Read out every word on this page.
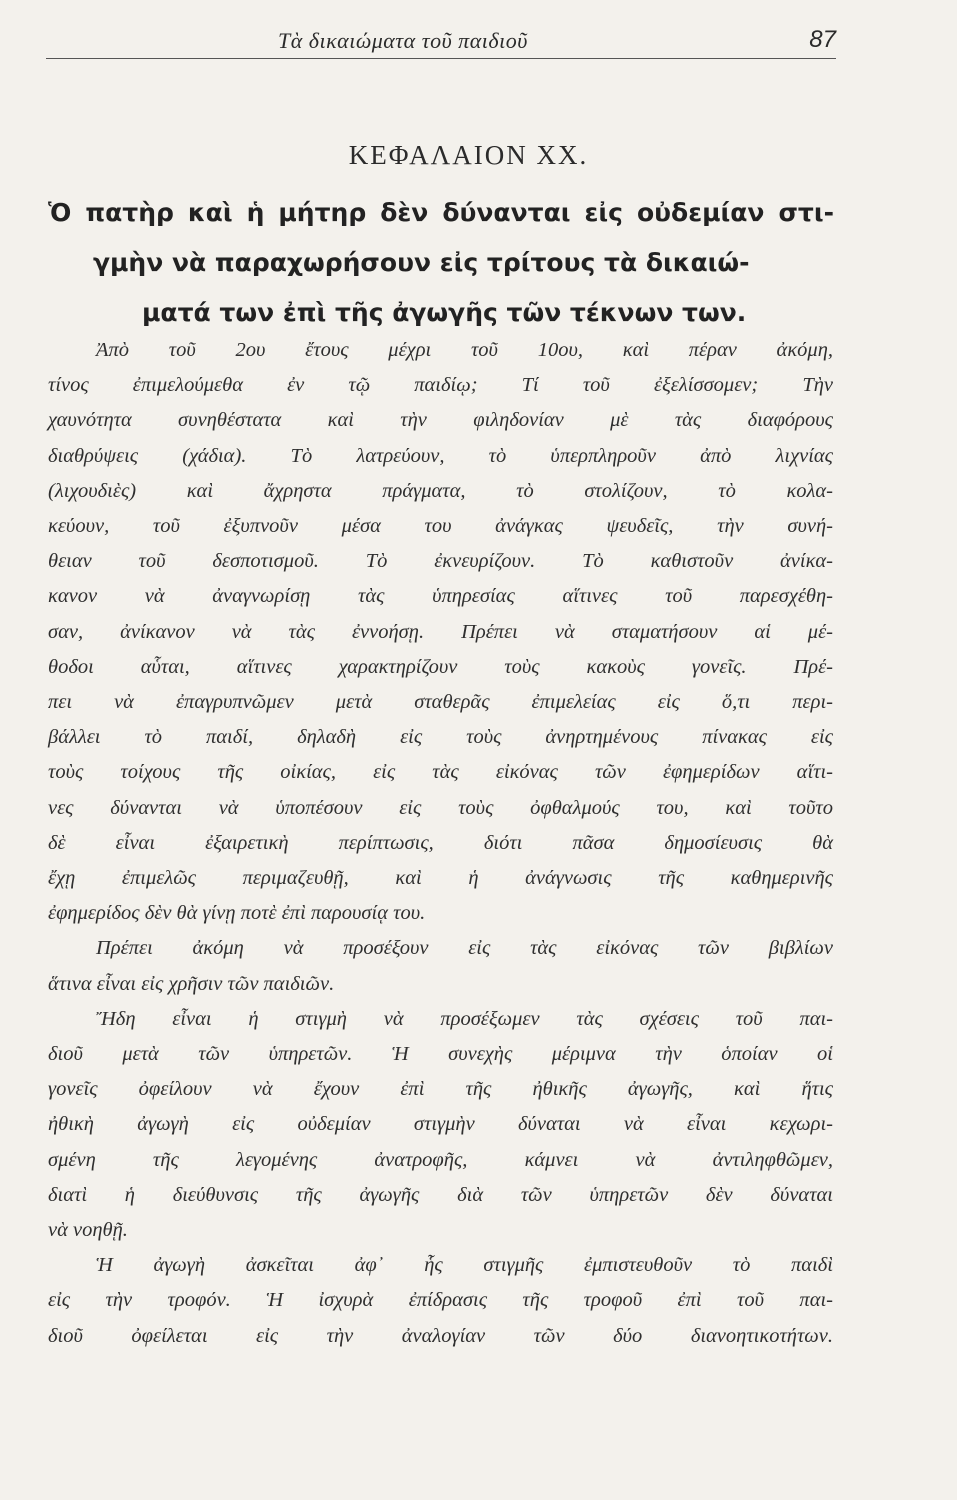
Τὰ δικαιώματα τοῦ παιδιοῦ	87
ΚΕΦΑΛΑΙΟΝ ΧΧ.
Ὁ πατὴρ καὶ ἡ μήτηρ δὲν δύνανται εἰς οὐδεμίαν στι-
γμὴν νὰ παραχωρήσουν εἰς τρίτους τὰ δικαιώ-
ματά των ἐπὶ τῆς ἀγωγῆς τῶν τέκνων των.
Ἀπὸ τοῦ 2ου ἔτους μέχρι τοῦ 10ου, καὶ πέραν ἀκόμη,
τίνος ἐπιμελούμεθα ἐν τῷ παιδίῳ; Τί τοῦ ἐξελίσσομεν; Τὴν
χαυνότητα συνηθέστατα καὶ τὴν φιληδονίαν μὲ τὰς διαφόρους
διαθρύψεις (χάδια). Τὸ λατρεύουν, τὸ ὑπερπληροῦν ἀπὸ λιχνίας
(λιχουδιὲς) καὶ ἄχρηστα πράγματα, τὸ στολίζουν, τὸ κολα-
κεύουν, τοῦ ἐξυπνοῦν μέσα του ἀνάγκας ψευδεῖς, τὴν συνή-
θειαν τοῦ δεσποτισμοῦ. Τὸ ἐκνευρίζουν. Τὸ καθιστοῦν ἀνίκα-
κανον νὰ ἀναγνωρίσῃ τὰς ὑπηρεσίας αἵτινες τοῦ παρεσχέθη-
σαν, ἀνίκανον νὰ τὰς ἐννοήσῃ. Πρέπει νὰ σταματήσουν αἱ μέ-
θοδοι αὗται, αἵτινες χαρακτηρίζουν τοὺς κακοὺς γονεῖς. Πρέ-
πει νὰ ἐπαγρυπνῶμεν μετὰ σταθερᾶς ἐπιμελείας εἰς ὅ,τι περι-
βάλλει τὸ παιδί, δηλαδὴ εἰς τοὺς ἀνηρτημένους πίνακας εἰς
τοὺς τοίχους τῆς οἰκίας, εἰς τὰς εἰκόνας τῶν ἐφημερίδων αἵτι-
νες δύνανται νὰ ὑποπέσουν εἰς τοὺς ὀφθαλμούς του, καὶ τοῦτο
δὲ εἶναι ἐξαιρετικὴ περίπτωσις, διότι πᾶσα δημοσίευσις θὰ
ἔχῃ ἐπιμελῶς περιμαζευθῇ, καὶ ἡ ἀνάγνωσις τῆς καθημερινῆς
ἐφημερίδος δὲν θὰ γίνῃ ποτὲ ἐπὶ παρουσίᾳ του.
Πρέπει ἀκόμη νὰ προσέξουν εἰς τὰς εἰκόνας τῶν βιβλίων
ἅτινα εἶναι εἰς χρῆσιν τῶν παιδιῶν.
Ἤδη εἶναι ἡ στιγμὴ νὰ προσέξωμεν τὰς σχέσεις τοῦ παι-
διοῦ μετὰ τῶν ὑπηρετῶν. Ἡ συνεχὴς μέριμνα τὴν ὁποίαν οἱ
γονεῖς ὀφείλουν νὰ ἔχουν ἐπὶ τῆς ἠθικῆς ἀγωγῆς, καὶ ἥτις
ἠθικὴ ἀγωγὴ εἰς οὐδεμίαν στιγμὴν δύναται νὰ εἶναι κεχωρι-
σμένη τῆς λεγομένης ἀνατροφῆς, κάμνει νὰ ἀντιληφθῶμεν,
διατὶ ἡ διεύθυνσις τῆς ἀγωγῆς διὰ τῶν ὑπηρετῶν δὲν δύναται
νὰ νοηθῇ.
Ἡ ἀγωγὴ ἀσκεῖται ἀφ᾿ ἧς στιγμῆς ἐμπιστευθοῦν τὸ παιδὶ
εἰς τὴν τροφόν. Ἡ ἰσχυρὰ ἐπίδρασις τῆς τροφοῦ ἐπὶ τοῦ παι-
διοῦ ὀφείλεται εἰς τὴν ἀναλογίαν τῶν δύο διανοητικοτήτων.
